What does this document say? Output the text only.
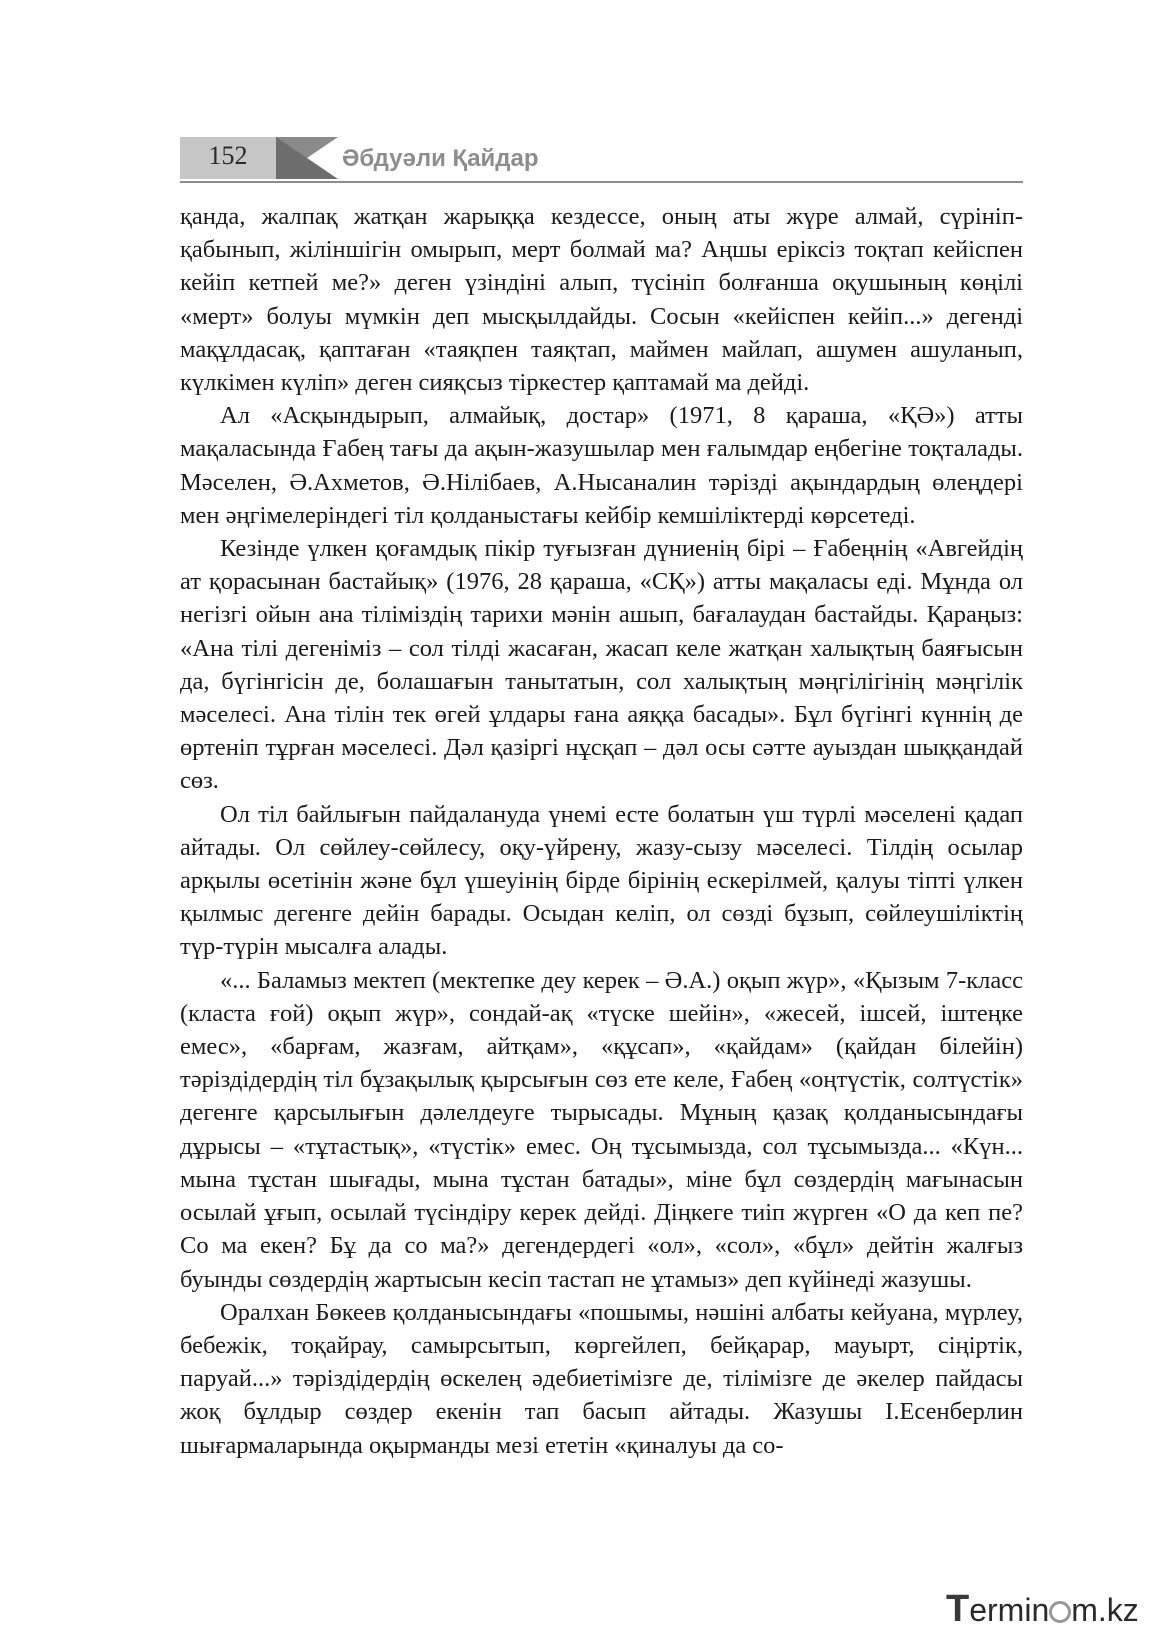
152	Әбдуәли Қайдар

қанда, жалпақ жатқан жарыққа кездессе, оның аты жүре алмай, сүрініп-қабынып, жіліншігін омырып, мерт болмай ма? Аңшы еріксіз тоқтап кейіспен кейіп кетпей ме?» деген үзіндіні алып, түсініп болғанша оқушының көңілі «мерт» болуы мүмкін деп мысқылдайды. Сосын «кейіспен кейіп...» дегенді мақұлдасақ, қаптаған «таяқпен таяқтап, маймен майлап, ашумен ашуланып, күлкімен күліп» деген сияқсыз тіркестер қаптамай ма дейді.

Ал «Асқындырып, алмайық, достар» (1971, 8 қараша, «ҚӘ») атты мақаласында Ғабең тағы да ақын-жазушылар мен ғалымдар еңбегіне тоқталады. Мәселен, Ә.Ахметов, Ә.Нілібаев, А.Нысаналин тәрізді ақындардың өлеңдері мен әңгімелеріндегі тіл қолданыстағы кейбір кемшіліктерді көрсетеді.

Кезінде үлкен қоғамдық пікір туғызған дүниенің бірі – Ғабеңнің «Авгейдің ат қорасынан бастайық» (1976, 28 қараша, «СҚ») атты мақаласы еді. Мұнда ол негізгі ойын ана тіліміздің тарихи мәнін ашып, бағалаудан бастайды. Қараңыз: «Ана тілі дегеніміз – сол тілді жасаған, жасап келе жатқан халықтың баяғысын да, бүгінгісін де, болашағын танытатын, сол халықтың мәңгілігінің мәңгілік мәселесі. Ана тілін тек өгей ұлдары ғана аяққа басады». Бұл бүгінгі күннің де өртеніп тұрған мәселесі. Дәл қазіргі нұсқап – дәл осы сәтте ауыздан шыққандай сөз.

Ол тіл байлығын пайдалануда үнемі есте болатын үш түрлі мәселені қадап айтады. Ол сөйлеу-сөйлесу, оқу-үйрену, жазу-сызу мәселесі. Тілдің осылар арқылы өсетінін және бұл үшеуінің бірде бірінің ескерілмей, қалуы тіпті үлкен қылмыс дегенге дейін барады. Осыдан келіп, ол сөзді бұзып, сөйлеушіліктің түр-түрін мысалға алады.

«... Баламыз мектеп (мектепке деу керек – Ә.А.) оқып жүр», «Қызым 7-класс (класта ғой) оқып жүр», сондай-ақ «түске шейін», «жесей, ішсей, іштеңке емес», «барғам, жазғам, айтқам», «құсап», «қайдам» (қайдан білейін) тәріздідердің тіл бұзақылық қырсығын сөз ете келе, Ғабең «оңтүстік, солтүстік» дегенге қарсылығын дәлелдеуге тырысады. Мұның қазақ қолданысындағы дұрысы – «тұтастық», «түстік» емес. Оң тұсымызда, сол тұсымызда... «Күн... мына тұстан шығады, мына тұстан батады», міне бұл сөздердің мағынасын осылай ұғып, осылай түсіндіру керек дейді. Діңкеге тиіп жүрген «О да кеп пе? Со ма екен? Бұ да со ма?» дегендердегі «ол», «сол», «бұл» дейтін жалғыз буынды сөздердің жартысын кесіп тастап не ұтамыз» деп күйінеді жазушы.

Оралхан Бөкеев қолданысындағы «пошымы, нәшіні албаты кейуана, мүрлеу, бебежік, тоқайрау, самырсытып, көргейлеп, бейқарар, мауырт, сіңіртік, паруай...» тәріздідердің өскелең әдебиетімізге де, тілімізге де әкелер пайдасы жоқ бұлдыр сөздер екенін тап басып айтады. Жазушы І.Есенберлин шығармаларында оқырманды мезі ететін «қиналуы да со-

Termin m.kz
